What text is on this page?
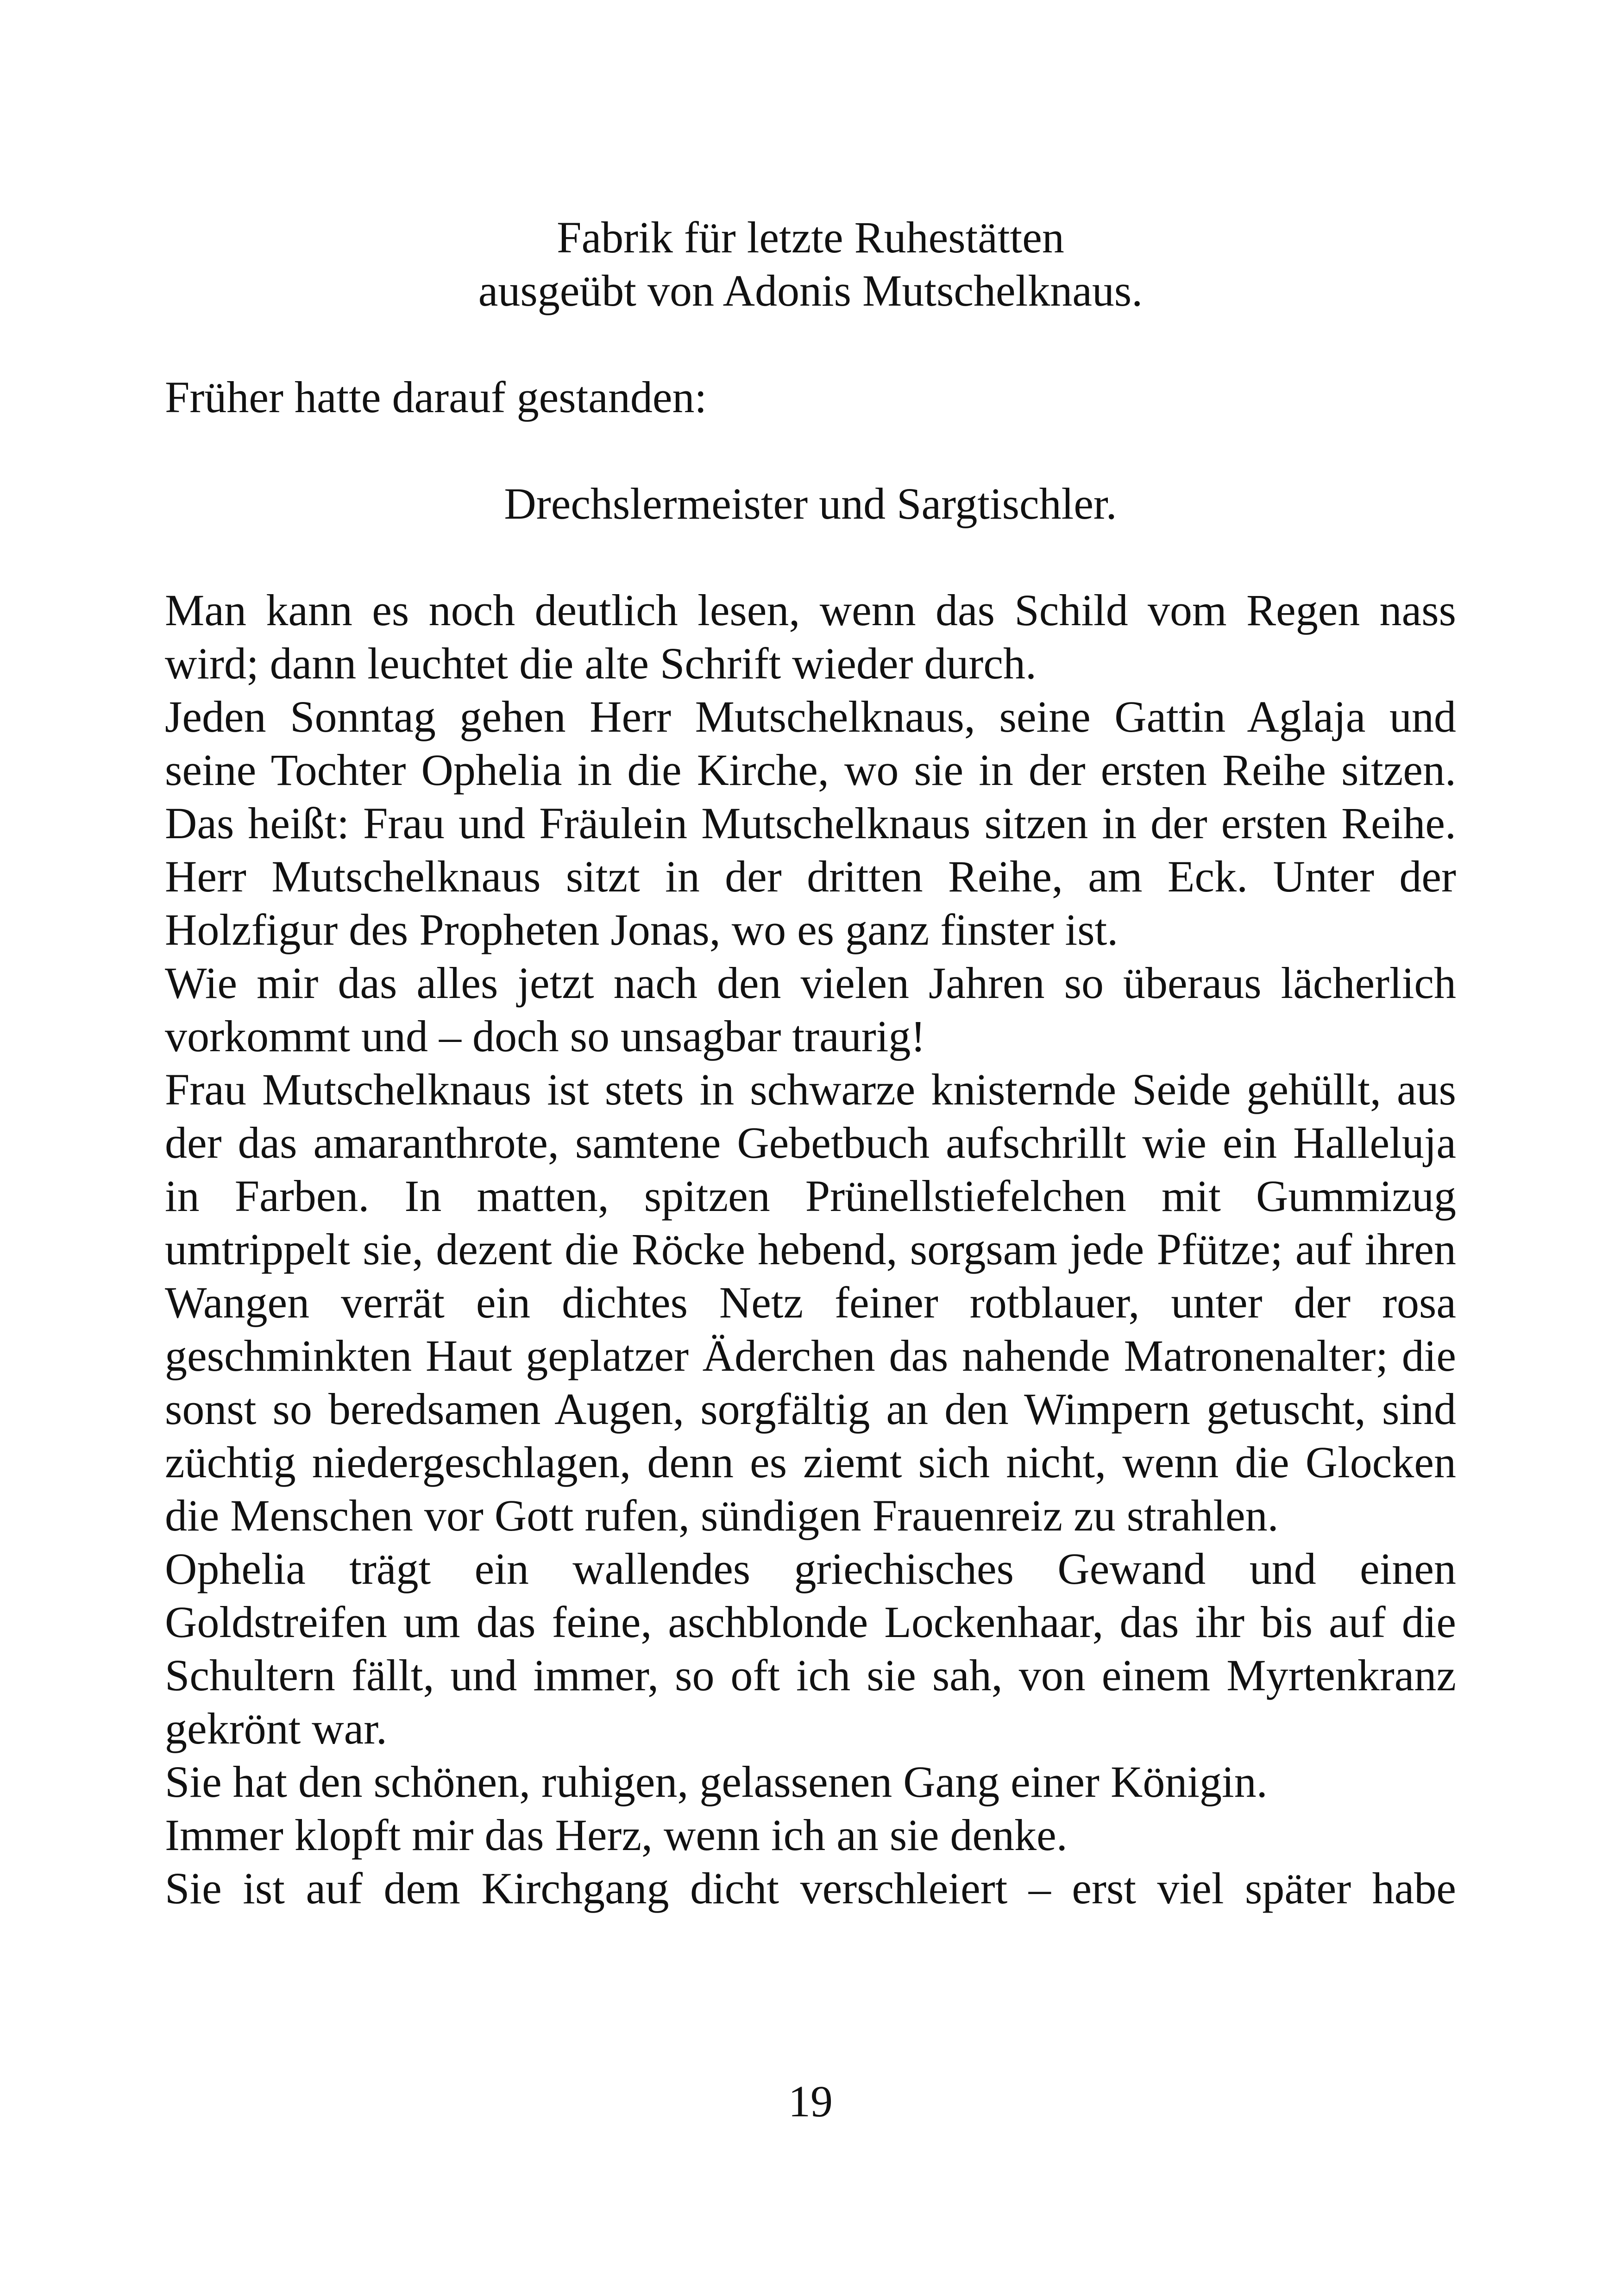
Fabrik für letzte Ruhestätten

ausgeübt von Adonis Mutschelknaus.

Früher hatte darauf gestanden:

Drechslermeister und Sargtischler.

Man kann es noch deutlich lesen, wenn das Schild vom Regen nass wird; dann leuchtet die alte Schrift wieder durch.

Jeden Sonntag gehen Herr Mutschelknaus, seine Gattin Aglaja und seine Tochter Ophelia in die Kirche, wo sie in der ersten Reihe sitzen. Das heißt: Frau und Fräulein Mutschelknaus sitzen in der ersten Reihe. Herr Mutschelknaus sitzt in der dritten Reihe, am Eck. Unter der Holzfigur des Propheten Jonas, wo es ganz finster ist.

Wie mir das alles jetzt nach den vielen Jahren so überaus lächerlich vorkommt und – doch so unsagbar traurig!

Frau Mutschelknaus ist stets in schwarze knisternde Seide gehüllt, aus der das amaranthrote, samtene Gebetbuch aufschrillt wie ein Halleluja in Farben. In matten, spitzen Prünellstiefelchen mit Gummizug umtrippelt sie, dezent die Röcke hebend, sorgsam jede Pfütze; auf ihren Wangen verrät ein dichtes Netz feiner rotblauer, unter der rosa geschminkten Haut geplatzer Äderchen das nahende Matronenalter; die sonst so beredsamen Augen, sorgfältig an den Wimpern getuscht, sind züchtig niedergeschlagen, denn es ziemt sich nicht, wenn die Glocken die Menschen vor Gott rufen, sündigen Frauenreiz zu strahlen.

Ophelia trägt ein wallendes griechisches Gewand und einen Goldstreifen um das feine, aschblonde Lockenhaar, das ihr bis auf die Schultern fällt, und immer, so oft ich sie sah, von einem Myrtenkranz gekrönt war.

Sie hat den schönen, ruhigen, gelassenen Gang einer Königin.

Immer klopft mir das Herz, wenn ich an sie denke.

Sie ist auf dem Kirchgang dicht verschleiert – erst viel später habe

19
